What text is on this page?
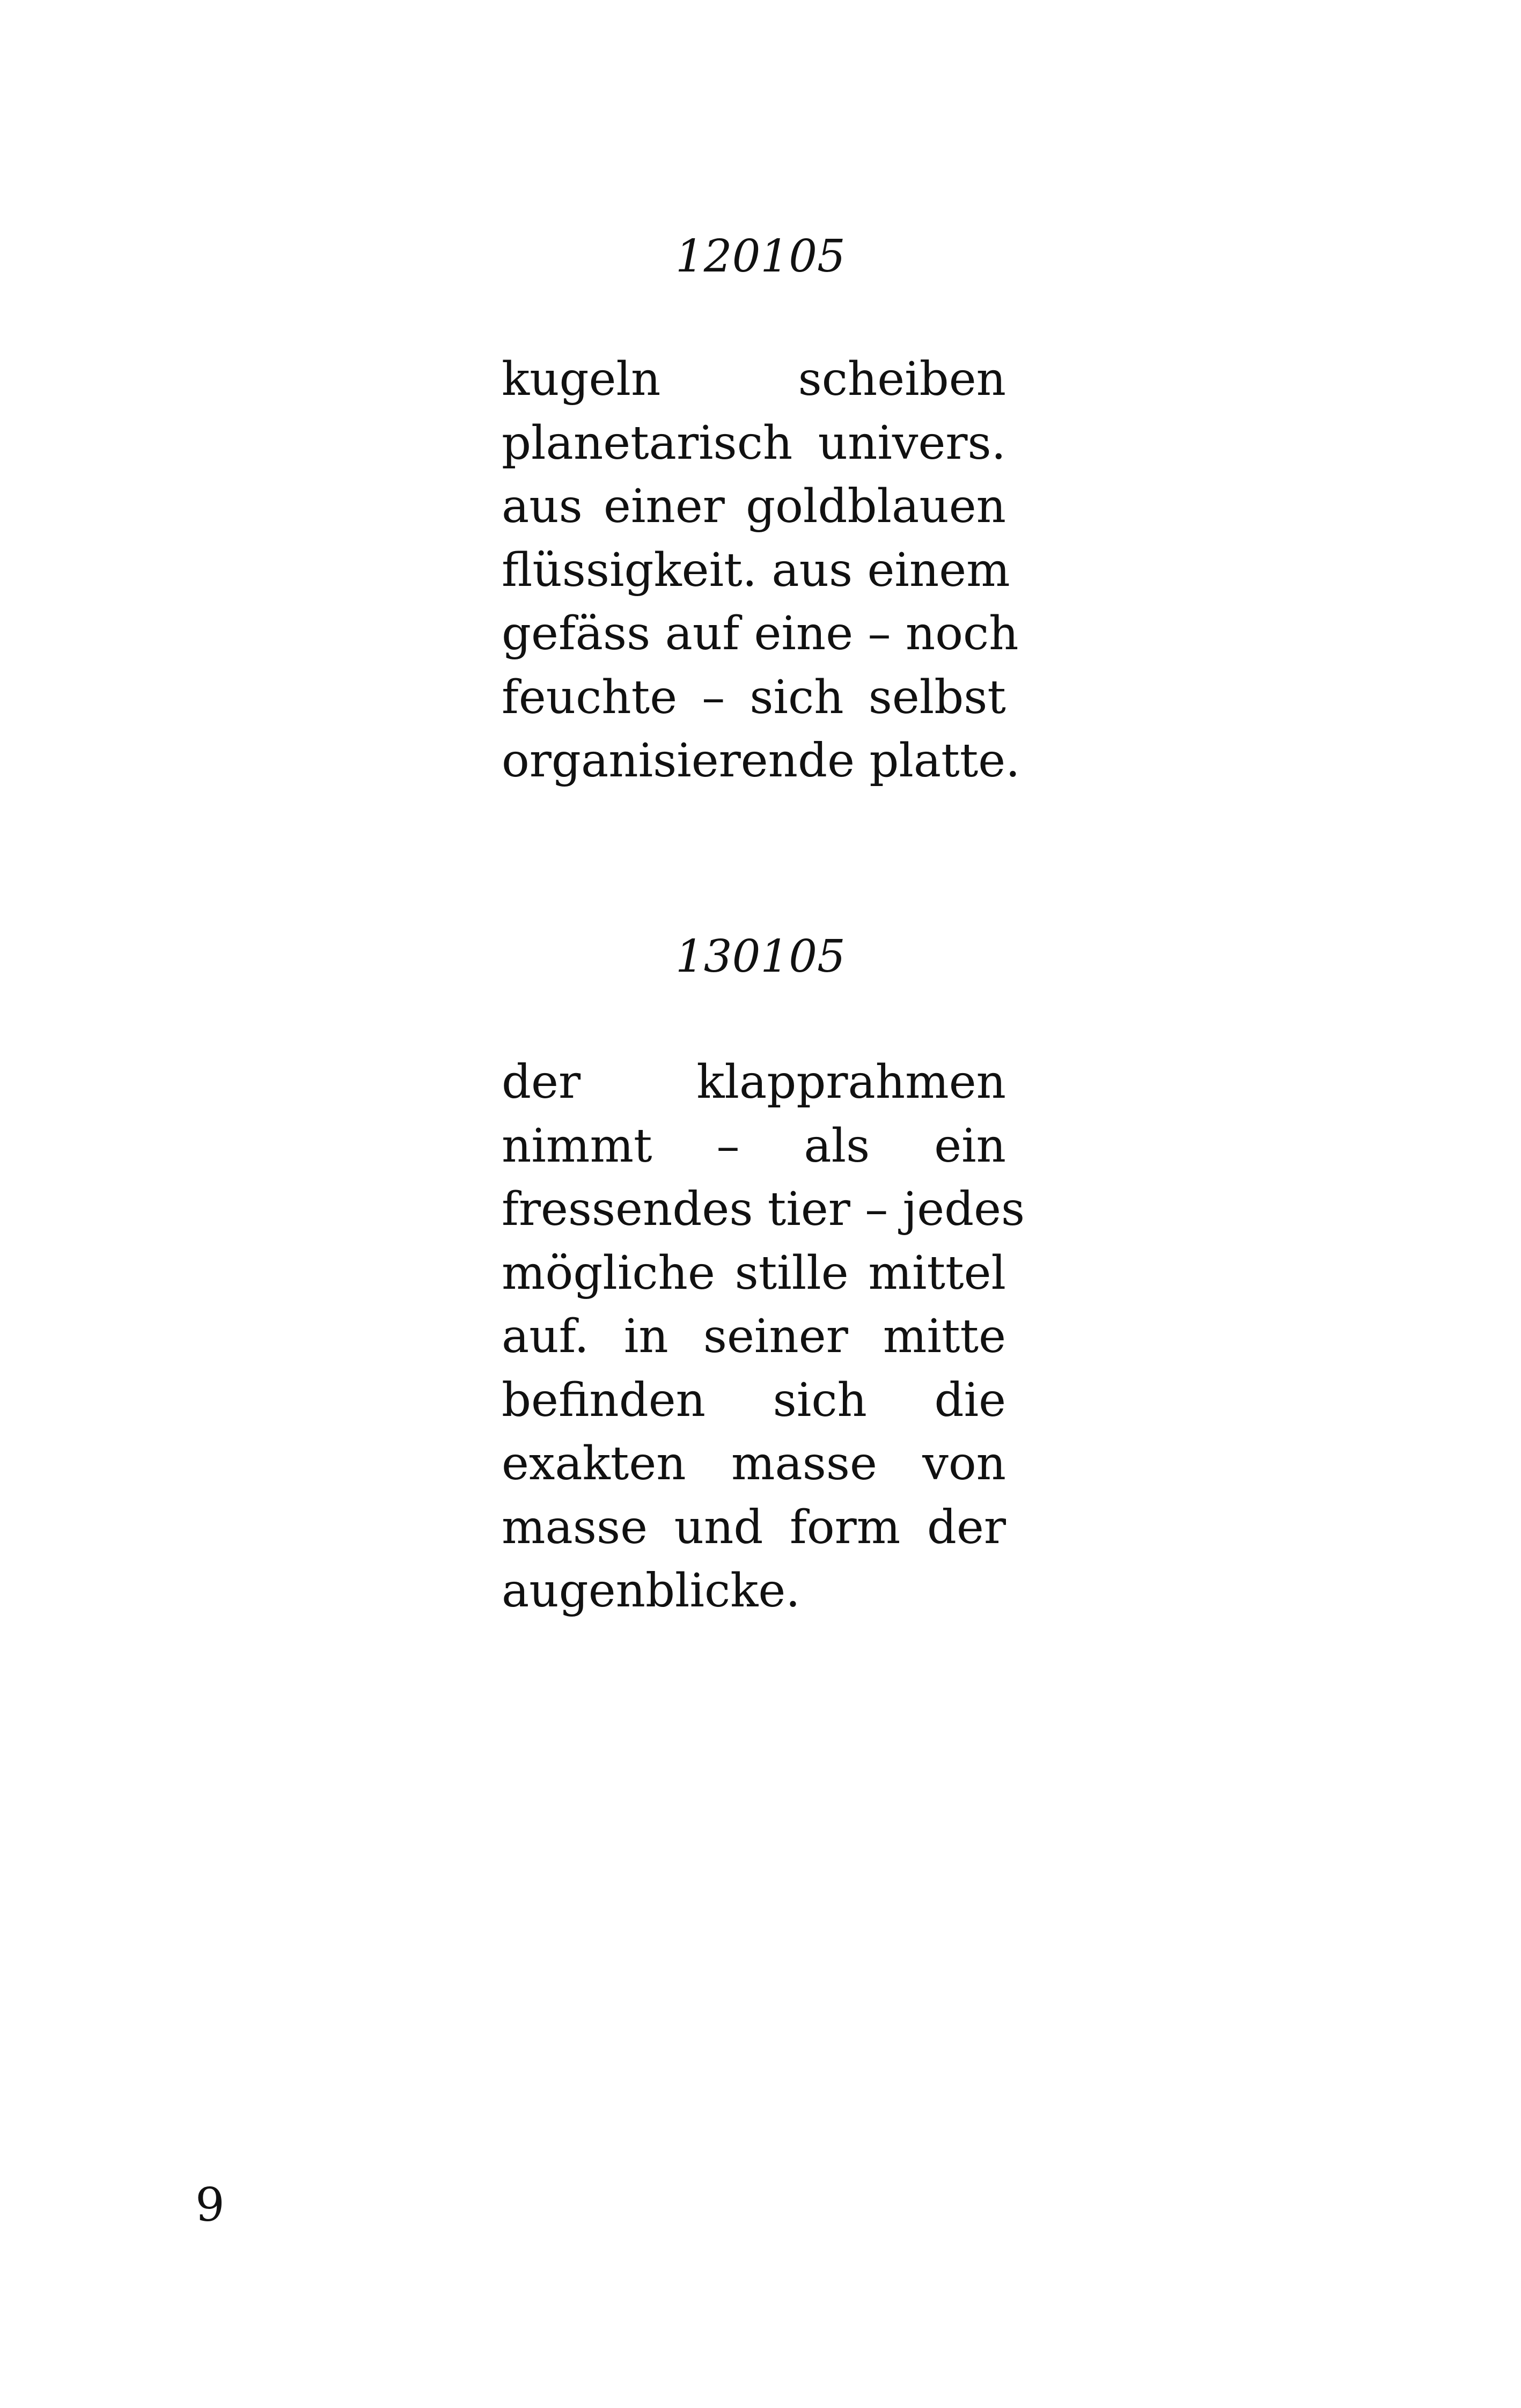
120105

kugeln scheiben
planetarisch univers.
aus einer goldblauen
flüssigkeit. aus einem
gefäss auf eine – noch
feuchte – sich selbst
organisierende platte.

130105

der klapprahmen
nimmt – als ein
fressendes tier – jedes
mögliche stille mittel
auf. in seiner mitte
befinden sich die
exakten masse von
masse und form der
augenblicke.

9
